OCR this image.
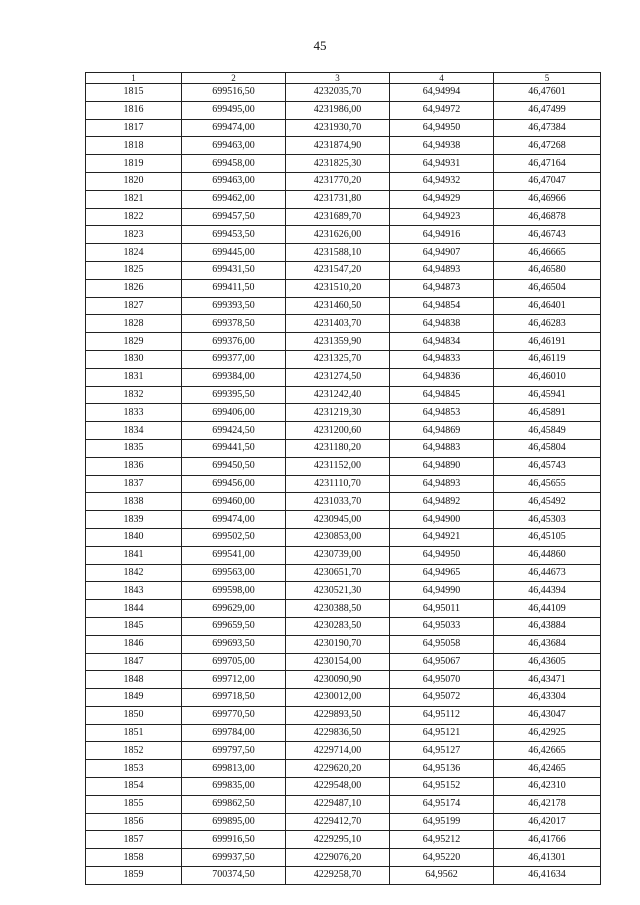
45
1	2	3	4	5
1815	699516,50	4232035,70	64,94994	46,47601
1816	699495,00	4231986,00	64,94972	46,47499
1817	699474,00	4231930,70	64,94950	46,47384
1818	699463,00	4231874,90	64,94938	46,47268
1819	699458,00	4231825,30	64,94931	46,47164
1820	699463,00	4231770,20	64,94932	46,47047
1821	699462,00	4231731,80	64,94929	46,46966
1822	699457,50	4231689,70	64,94923	46,46878
1823	699453,50	4231626,00	64,94916	46,46743
1824	699445,00	4231588,10	64,94907	46,46665
1825	699431,50	4231547,20	64,94893	46,46580
1826	699411,50	4231510,20	64,94873	46,46504
1827	699393,50	4231460,50	64,94854	46,46401
1828	699378,50	4231403,70	64,94838	46,46283
1829	699376,00	4231359,90	64,94834	46,46191
1830	699377,00	4231325,70	64,94833	46,46119
1831	699384,00	4231274,50	64,94836	46,46010
1832	699395,50	4231242,40	64,94845	46,45941
1833	699406,00	4231219,30	64,94853	46,45891
1834	699424,50	4231200,60	64,94869	46,45849
1835	699441,50	4231180,20	64,94883	46,45804
1836	699450,50	4231152,00	64,94890	46,45743
1837	699456,00	4231110,70	64,94893	46,45655
1838	699460,00	4231033,70	64,94892	46,45492
1839	699474,00	4230945,00	64,94900	46,45303
1840	699502,50	4230853,00	64,94921	46,45105
1841	699541,00	4230739,00	64,94950	46,44860
1842	699563,00	4230651,70	64,94965	46,44673
1843	699598,00	4230521,30	64,94990	46,44394
1844	699629,00	4230388,50	64,95011	46,44109
1845	699659,50	4230283,50	64,95033	46,43884
1846	699693,50	4230190,70	64,95058	46,43684
1847	699705,00	4230154,00	64,95067	46,43605
1848	699712,00	4230090,90	64,95070	46,43471
1849	699718,50	4230012,00	64,95072	46,43304
1850	699770,50	4229893,50	64,95112	46,43047
1851	699784,00	4229836,50	64,95121	46,42925
1852	699797,50	4229714,00	64,95127	46,42665
1853	699813,00	4229620,20	64,95136	46,42465
1854	699835,00	4229548,00	64,95152	46,42310
1855	699862,50	4229487,10	64,95174	46,42178
1856	699895,00	4229412,70	64,95199	46,42017
1857	699916,50	4229295,10	64,95212	46,41766
1858	699937,50	4229076,20	64,95220	46,41301
1859	700374,50	4229258,70	64,9562	46,41634
